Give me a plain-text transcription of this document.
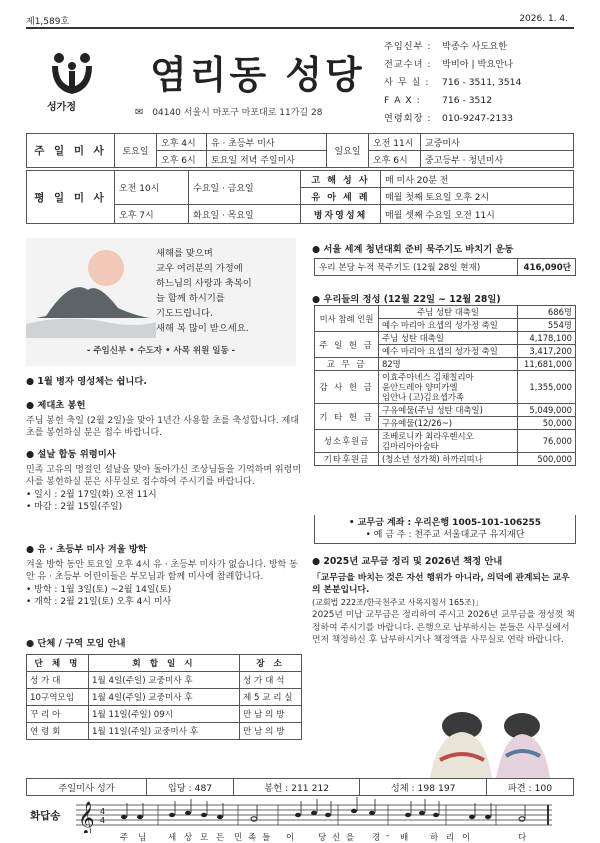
제1,589호	2026. 1. 4.
성가정
염리동 성당
✉ 04140 서울시 마포구 마포대로 11가길 28
주임신부 : 박종수 사도요한
전교수녀 : 박비아 | 박요안나
사 무 실 : 716 - 3511, 3514
F A X : 716 - 3512
연령회장 : 010-9247-2133
주 일 미 사	토요일	오후 4시	유 · 초등부 미사	일요일	오전 11시	교중미사
		오후 6시	토요일 저녁 주일미사		오후 6시	중고등부 · 청년미사
평 일 미 사	오전 10시	수요일 · 금요일	고 해 성 사	매 미사 20분 전
			유 아 세 례	매월 첫째 토요일 오후 2시
	오후 7시	화요일 · 목요일	병자영성체	매월 셋째 수요일 오전 11시
새해를 맞으며
교우 여러분의 가정에
하느님의 사랑과 축복이
늘 함께 하시기를
기도드립니다.
새해 복 많이 받으세요.
- 주임신부 • 수도자 • 사목 위원 일동 -
● 1월 병자 영성체는 쉽니다.
● 제대초 봉헌
주님 봉헌 축일 (2월 2일)을 맞아 1년간 사용할 초를 축성합니다. 제대초를 봉헌하실 분은 접수 바랍니다.
● 설날 합동 위령미사
민족 고유의 명절인 설날을 맞아 돌아가신 조상님들을 기억하며 위령미사를 봉헌하실 분은 사무실로 접수하여 주시기를 바랍니다.
• 일시 : 2월 17일(화) 오전 11시
• 마감 : 2월 15일(주일)
● 유 · 초등부 미사 겨울 방학
겨울 방학 동안 토요일 오후 4시 유 · 초등부 미사가 없습니다. 방학 동안 유 · 초등부 어린이들은 부모님과 함께 미사에 참례합니다.
• 방학 : 1월 3일(토) ~2월 14일(토)
• 개학 : 2월 21일(토) 오후 4시 미사
● 단체 / 구역 모임 안내
단 체 명	회 합 일 시	장 소
성 가 대	1월 4일(주일) 교중미사 후	성 가 대 석
10구역모임	1월 4일(주일) 교중미사 후	제 5 교 리 실
꾸 리 아	1월 11일(주일) 09시	만 남 의 방
연 령 회	1월 11일(주일) 교중미사 후	만 남 의 방
● 서울 세계 청년대회 준비 묵주기도 바치기 운동
우리 본당 누적 묵주기도 (12월 28일 현재)	416,090단
● 우리들의 정성 (12월 22일 ~ 12월 28일)
미사 참례 인원	주님 성탄 대축일	686명
	예수 마리아 요셉의 성가정 축일	554명
주 일 헌 금	주님 성탄 대축일	4,178,100
	예수 마리아 요셉의 성가정 축일	3,417,200
교 무 금	82명	11,681,000
감 사 헌 금	이효주아녜스 김채칠리아
윤안드레아 양미카엘
임안나 (고)김요셉가족	1,355,000
기 타 헌 금	구유예물(주님 성탄 대축일)	5,049,000
	구유예물(12/26~)	50,000
성소후원금	조베로니카 최라우렌시오
김마리아아숨타	76,000
기타후원금	(청소년 성가책) 하까리띠나	500,000
• 교무금 계좌 : 우리은행 1005-101-106255
• 예 금 주 : 천주교 서울대교구 유지재단
● 2025년 교무금 정리 및 2026년 책정 안내
「교무금을 바치는 것은 자선 행위가 아니라, 의덕에 관계되는 교우의 본분입니다.
(교회법 222조/한국천주교 사목지침서 165조)」
2025년 미납 교무금은 정리하여 주시고 2026년 교무금을 정성껏 책정하여 주시기를 바랍니다. 은행으로 납부하시는 분들은 사무실에서 먼저 책정하신 후 납부하시거나 책정액을 사무실로 연락 바랍니다.
주일미사 성가	입당 : 487	봉헌 : 211 212	성체 : 198 197	파견 : 100
화답송 𝄞 4
4
주 님	세 상 모 든 민 족 들 이	당 신 을 경 - 배	하 리 이	다
